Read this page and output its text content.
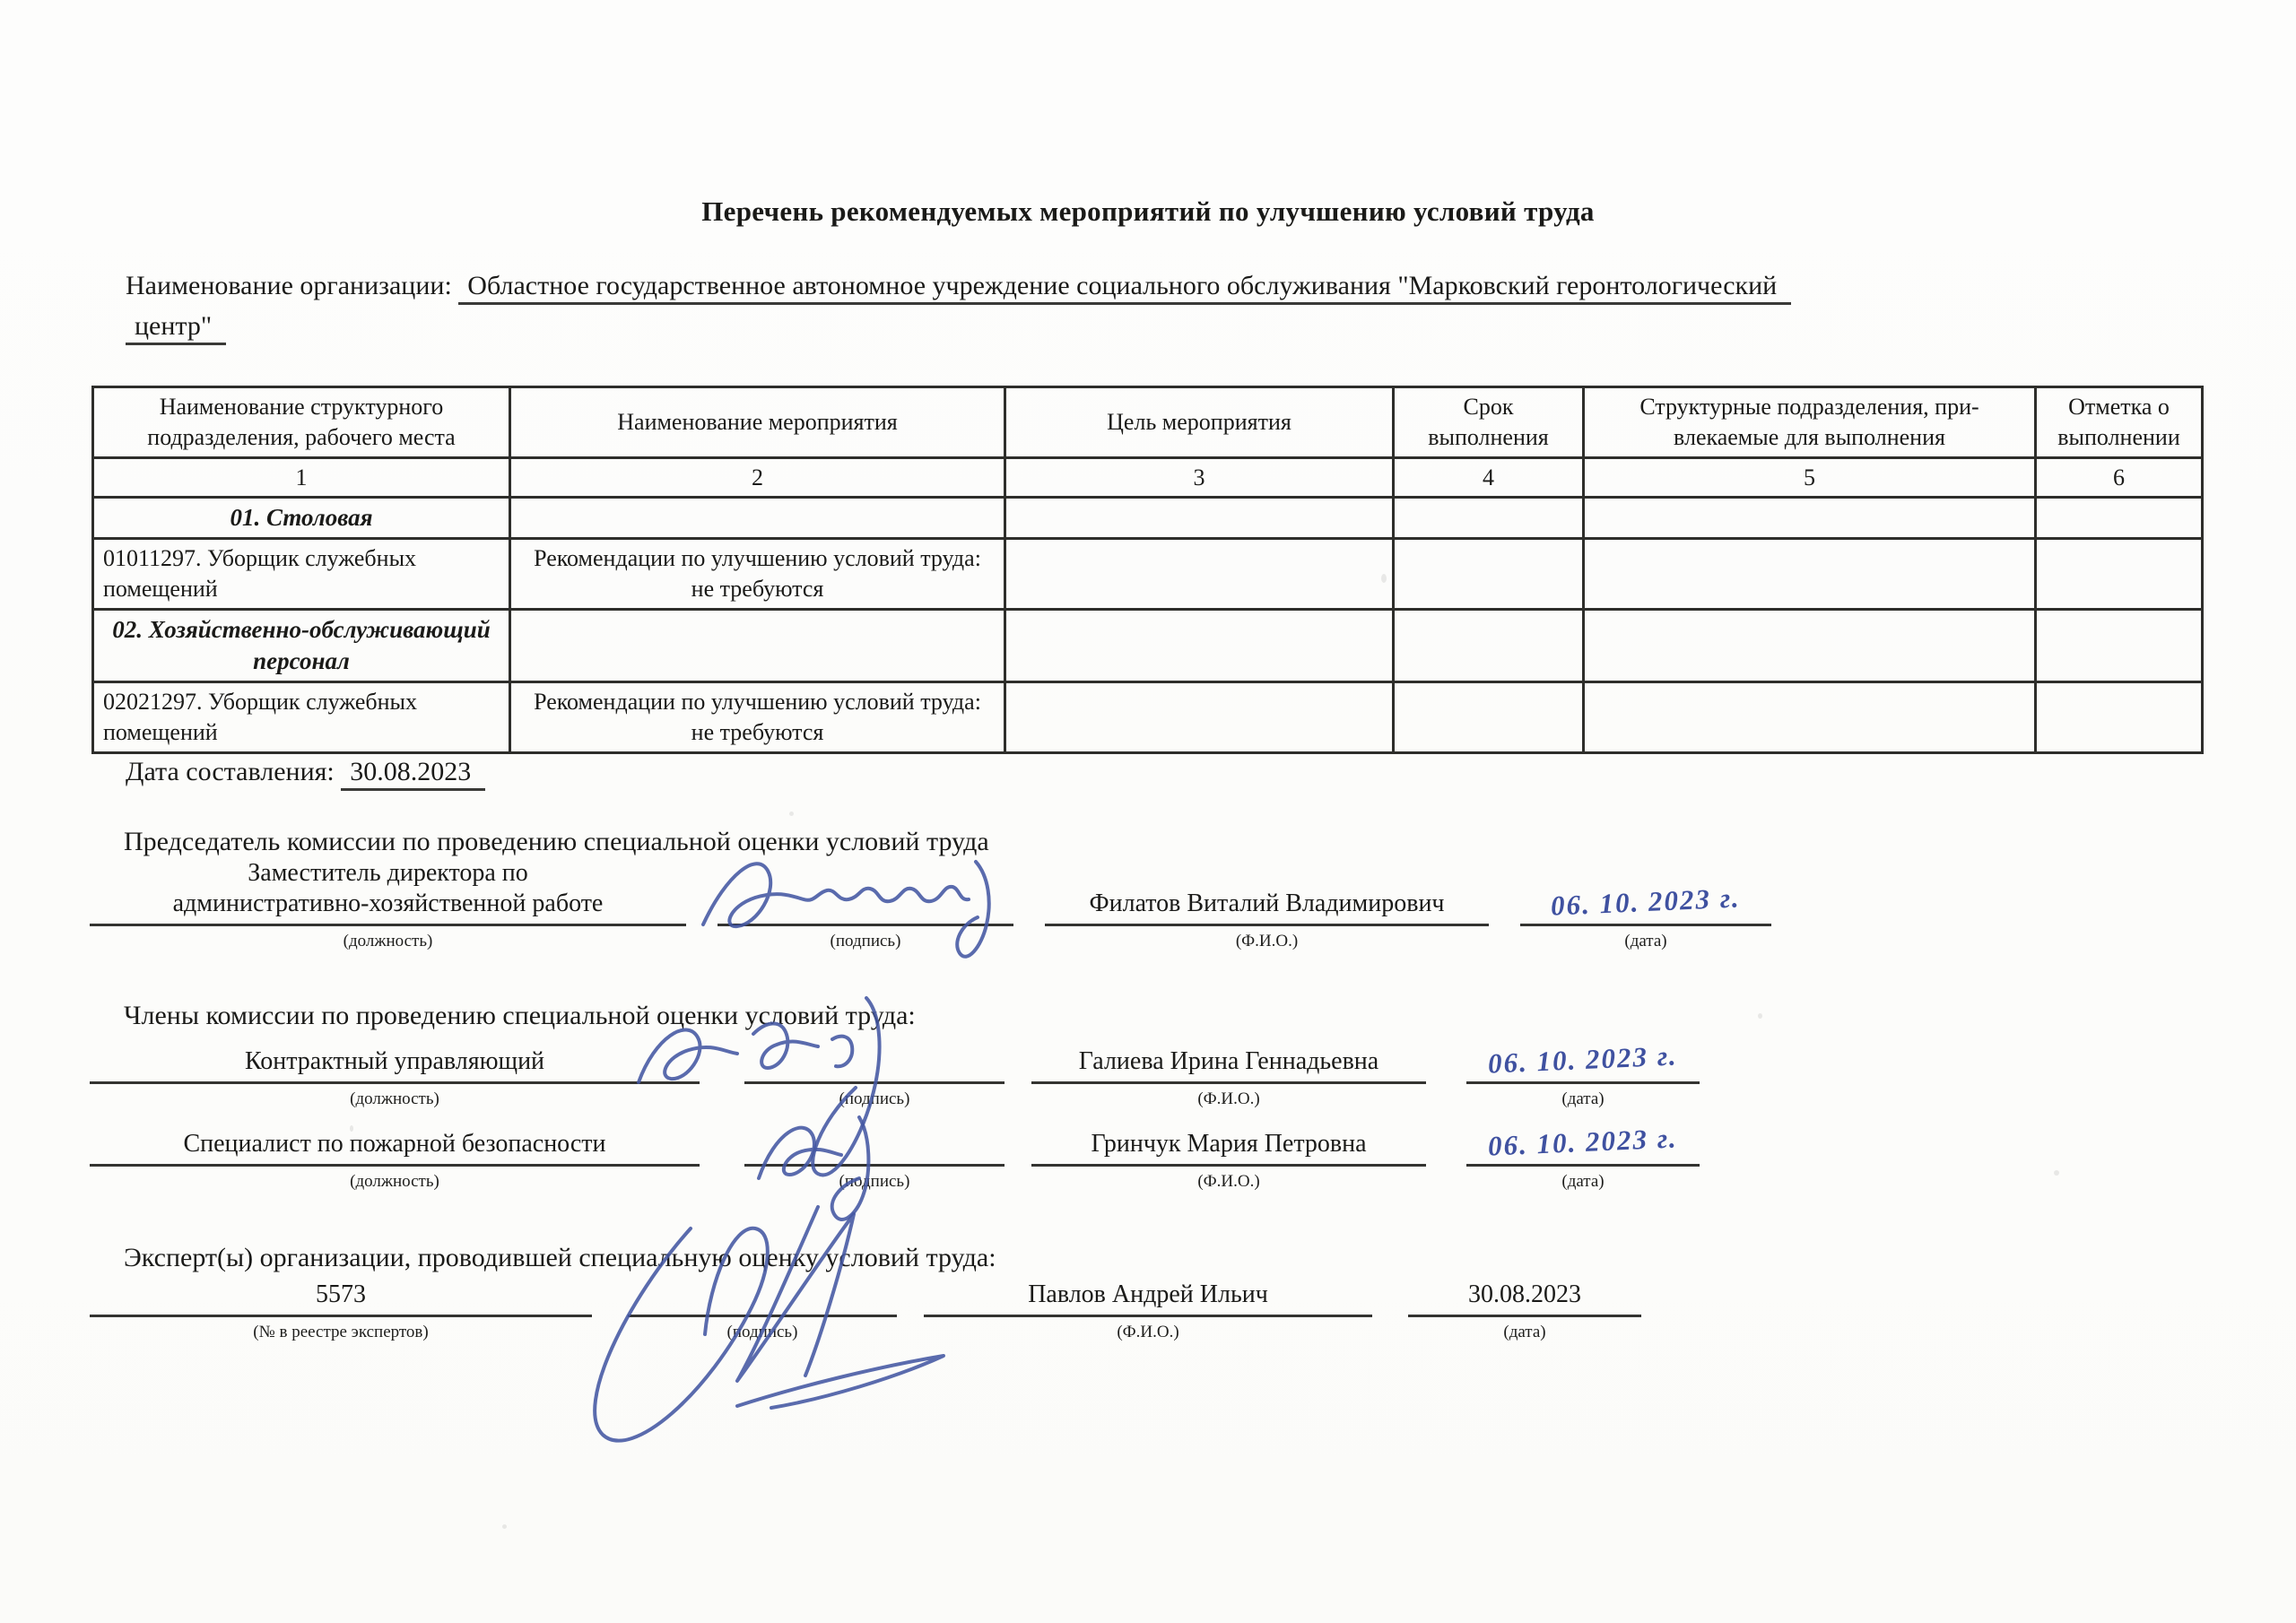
Перечень рекомендуемых мероприятий по улучшению условий труда
Наименование организации: Областное государственное автономное учреждение социального обслуживания "Марковский геронтологический
центр"
Наименование структурного подразделения, рабочего места	Наименование мероприятия	Цель мероприятия	Срок выполнения	Структурные подразделения, привлекаемые для выполнения	Отметка о выполнении
1	2	3	4	5	6
01. Столовая					
01011297. Уборщик служебных помещений	Рекомендации по улучшению условий труда: не требуются				
02. Хозяйственно-обслуживающий персонал					
02021297. Уборщик служебных помещений	Рекомендации по улучшению условий труда: не требуются				
Дата составления: 30.08.2023
Председатель комиссии по проведению специальной оценки условий труда
Заместитель директора по
административно-хозяйственной работе
(должность)
	(подпись)
Филатов Виталий Владимирович
(Ф.И.О.)
06. 10. 2023 г.
(дата)
Члены комиссии по проведению специальной оценки условий труда:
Контрактный управляющий
(должность)
	(подпись)
Галиева Ирина Геннадьевна
(Ф.И.О.)
06. 10. 2023 г.
(дата)
Специалист по пожарной безопасности
(должность)
	(подпись)
Гринчук Мария Петровна
(Ф.И.О.)
06. 10. 2023 г.
(дата)
Эксперт(ы) организации, проводившей специальную оценку условий труда:
5573
(№ в реестре экспертов)
	(подпись)
Павлов Андрей Ильич
(Ф.И.О.)
30.08.2023
(дата)
